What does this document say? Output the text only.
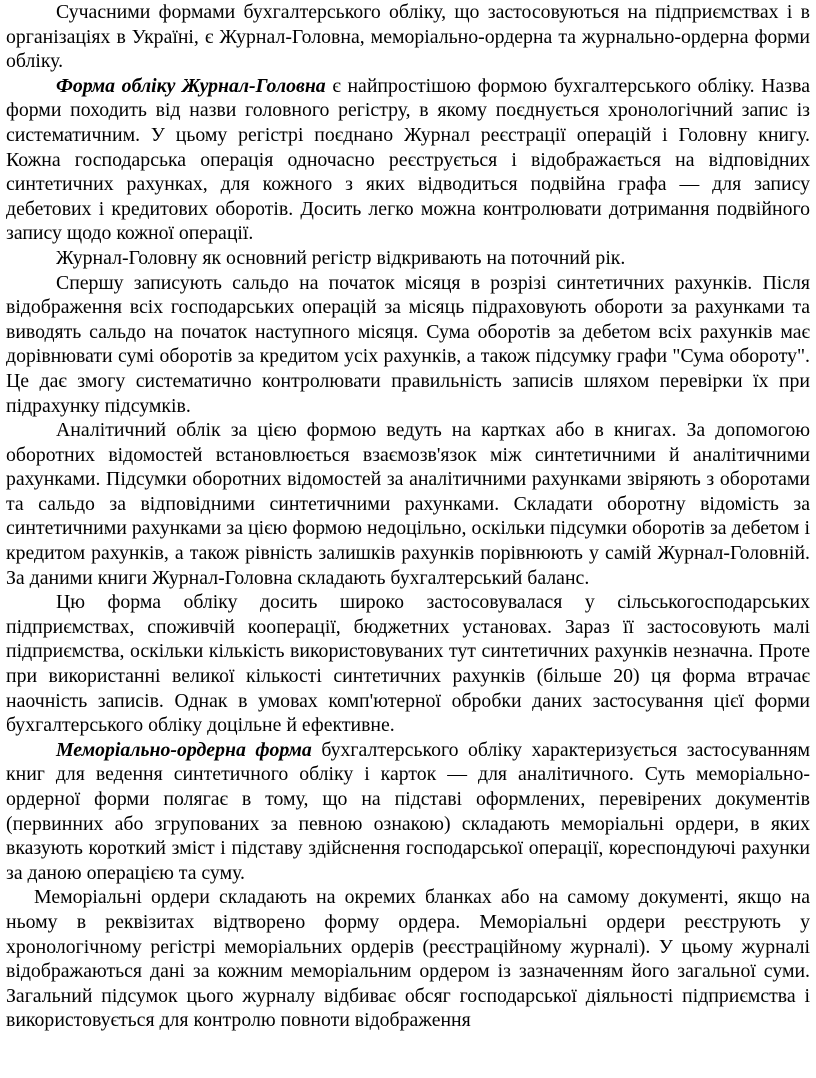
Сучасними формами бухгалтерського обліку, що застосовуються на підприємствах і в організаціях в Україні, є Журнал-Головна, меморіально-ордерна та журнально-ордерна форми обліку.

Форма обліку Журнал-Головна є найпростішою формою бухгалтерського обліку. Назва форми походить від назви головного регістру, в якому поєднується хронологічний запис із систематичним. У цьому регістрі поєднано Журнал реєстрації операцій і Головну книгу. Кожна господарська операція одночасно реєструється і відображається на відповідних синтетичних рахунках, для кожного з яких відводиться подвійна графа — для запису дебетових і кредитових оборотів. Досить легко можна контролювати дотримання подвійного запису щодо кожної операції.

Журнал-Головну як основний регістр відкривають на поточний рік.

Спершу записують сальдо на початок місяця в розрізі синтетичних рахунків. Після відображення всіх господарських операцій за місяць підраховують обороти за рахунками та виводять сальдо на початок наступного місяця. Сума оборотів за дебетом всіх рахунків має дорівнювати сумі оборотів за кредитом усіх рахунків, а також підсумку графи "Сума обороту". Це дає змогу систематично контролювати правильність записів шляхом перевірки їх при підрахунку підсумків.

Аналітичний облік за цією формою ведуть на картках або в книгах. За допомогою оборотних відомостей встановлюється взаємозв'язок між синтетичними й аналітичними рахунками. Підсумки оборотних відомостей за аналітичними рахунками звіряють з оборотами та сальдо за відповідними синтетичними рахунками. Складати оборотну відомість за синтетичними рахунками за цією формою недоцільно, оскільки підсумки оборотів за дебетом і кредитом рахунків, а також рівність залишків рахунків порівнюють у самій Журнал-Головній. За даними книги Журнал-Головна складають бухгалтерський баланс.

Цю форма обліку досить широко застосовувалася у сільськогосподарських підприємствах, споживчій кооперації, бюджетних установах. Зараз її застосовують малі підприємства, оскільки кількість використовуваних тут синтетичних рахунків незначна. Проте при використанні великої кількості синтетичних рахунків (більше 20) ця форма втрачає наочність записів. Однак в умовах комп'ютерної обробки даних застосування цієї форми бухгалтерського обліку доцільне й ефективне.

Меморіально-ордерна форма бухгалтерського обліку характеризується застосуванням книг для ведення синтетичного обліку і карток — для аналітичного. Суть меморіально-ордерної форми полягає в тому, що на підставі оформлених, перевірених документів (первинних або згрупованих за певною ознакою) складають меморіальні ордери, в яких вказують короткий зміст і підставу здійснення господарської операції, кореспондуючі рахунки за даною операцією та суму.

Меморіальні ордери складають на окремих бланках або на самому документі, якщо на ньому в реквізитах відтворено форму ордера. Меморіальні ордери реєструють у хронологічному регістрі меморіальних ордерів (реєстраційному журналі). У цьому журналі відображаються дані за кожним меморіальним ордером із зазначенням його загальної суми. Загальний підсумок цього журналу відбиває обсяг господарської діяльності підприємства і використовується для контролю повноти відображення
